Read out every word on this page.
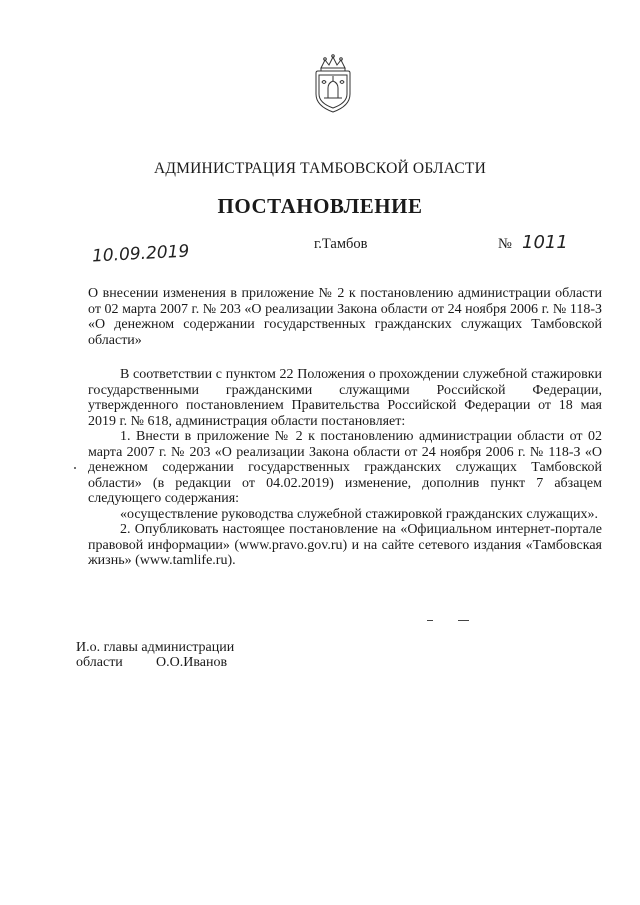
АДМИНИСТРАЦИЯ ТАМБОВСКОЙ ОБЛАСТИ
ПОСТАНОВЛЕНИЕ
10.09.2019	г.Тамбов	№ 1011
О внесении изменения в приложение № 2 к постановлению администрации области от 02 марта 2007 г. № 203 «О реализации Закона области от 24 ноября 2006 г. № 118-З «О денежном содержании государственных гражданских служащих Тамбовской области»

В соответствии с пунктом 22 Положения о прохождении служебной стажировки государственными гражданскими служащими Российской Федерации, утвержденного постановлением Правительства Российской Федерации от 18 мая 2019 г. № 618, администрация области постановляет:

1. Внести в приложение № 2 к постановлению администрации области от 02 марта 2007 г. № 203 «О реализации Закона области от 24 ноября 2006 г. № 118-З «О денежном содержании государственных гражданских служащих Тамбовской области» (в редакции от 04.02.2019) изменение, дополнив пункт 7 абзацем следующего содержания:

«осуществление руководства служебной стажировкой гражданских служащих».

2. Опубликовать настоящее постановление на «Официальном интернет-портале правовой информации» (www.pravo.gov.ru) и на сайте сетевого издания «Тамбовская жизнь» (www.tamlife.ru).

И.о. главы администрации
области О.О.Иванов
